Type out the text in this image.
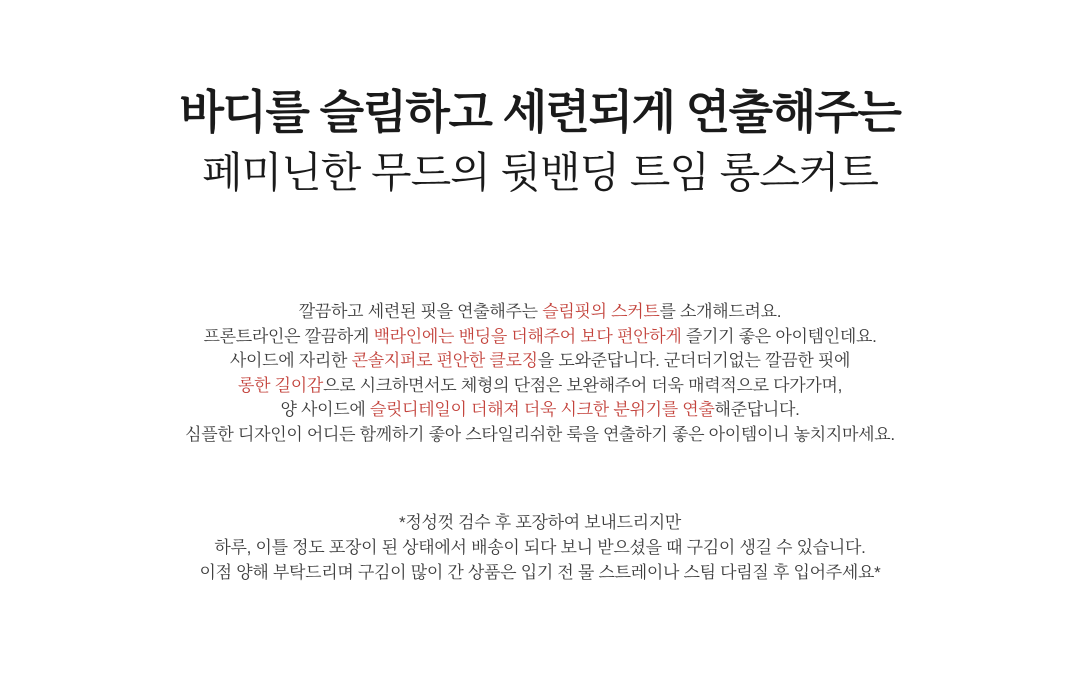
바디를 슬림하고 세련되게 연출해주는
페미닌한 무드의 뒷밴딩 트임 롱스커트

깔끔하고 세련된 핏을 연출해주는 슬림핏의 스커트를 소개해드려요.

프론트라인은 깔끔하게 백라인에는 밴딩을 더해주어 보다 편안하게 즐기기 좋은 아이템인데요.

사이드에 자리한 콘솔지퍼로 편안한 클로징을 도와준답니다. 군더더기없는 깔끔한 핏에

롱한 길이감으로 시크하면서도 체형의 단점은 보완해주어 더욱 매력적으로 다가가며,

양 사이드에 슬릿디테일이 더해져 더욱 시크한 분위기를 연출해준답니다.

심플한 디자인이 어디든 함께하기 좋아 스타일리쉬한 룩을 연출하기 좋은 아이템이니 놓치지마세요.

*정성껏 검수 후 포장하여 보내드리지만

하루, 이틀 정도 포장이 된 상태에서 배송이 되다 보니 받으셨을 때 구김이 생길 수 있습니다.

이점 양해 부탁드리며 구김이 많이 간 상품은 입기 전 물 스트레이나 스팀 다림질 후 입어주세요*
